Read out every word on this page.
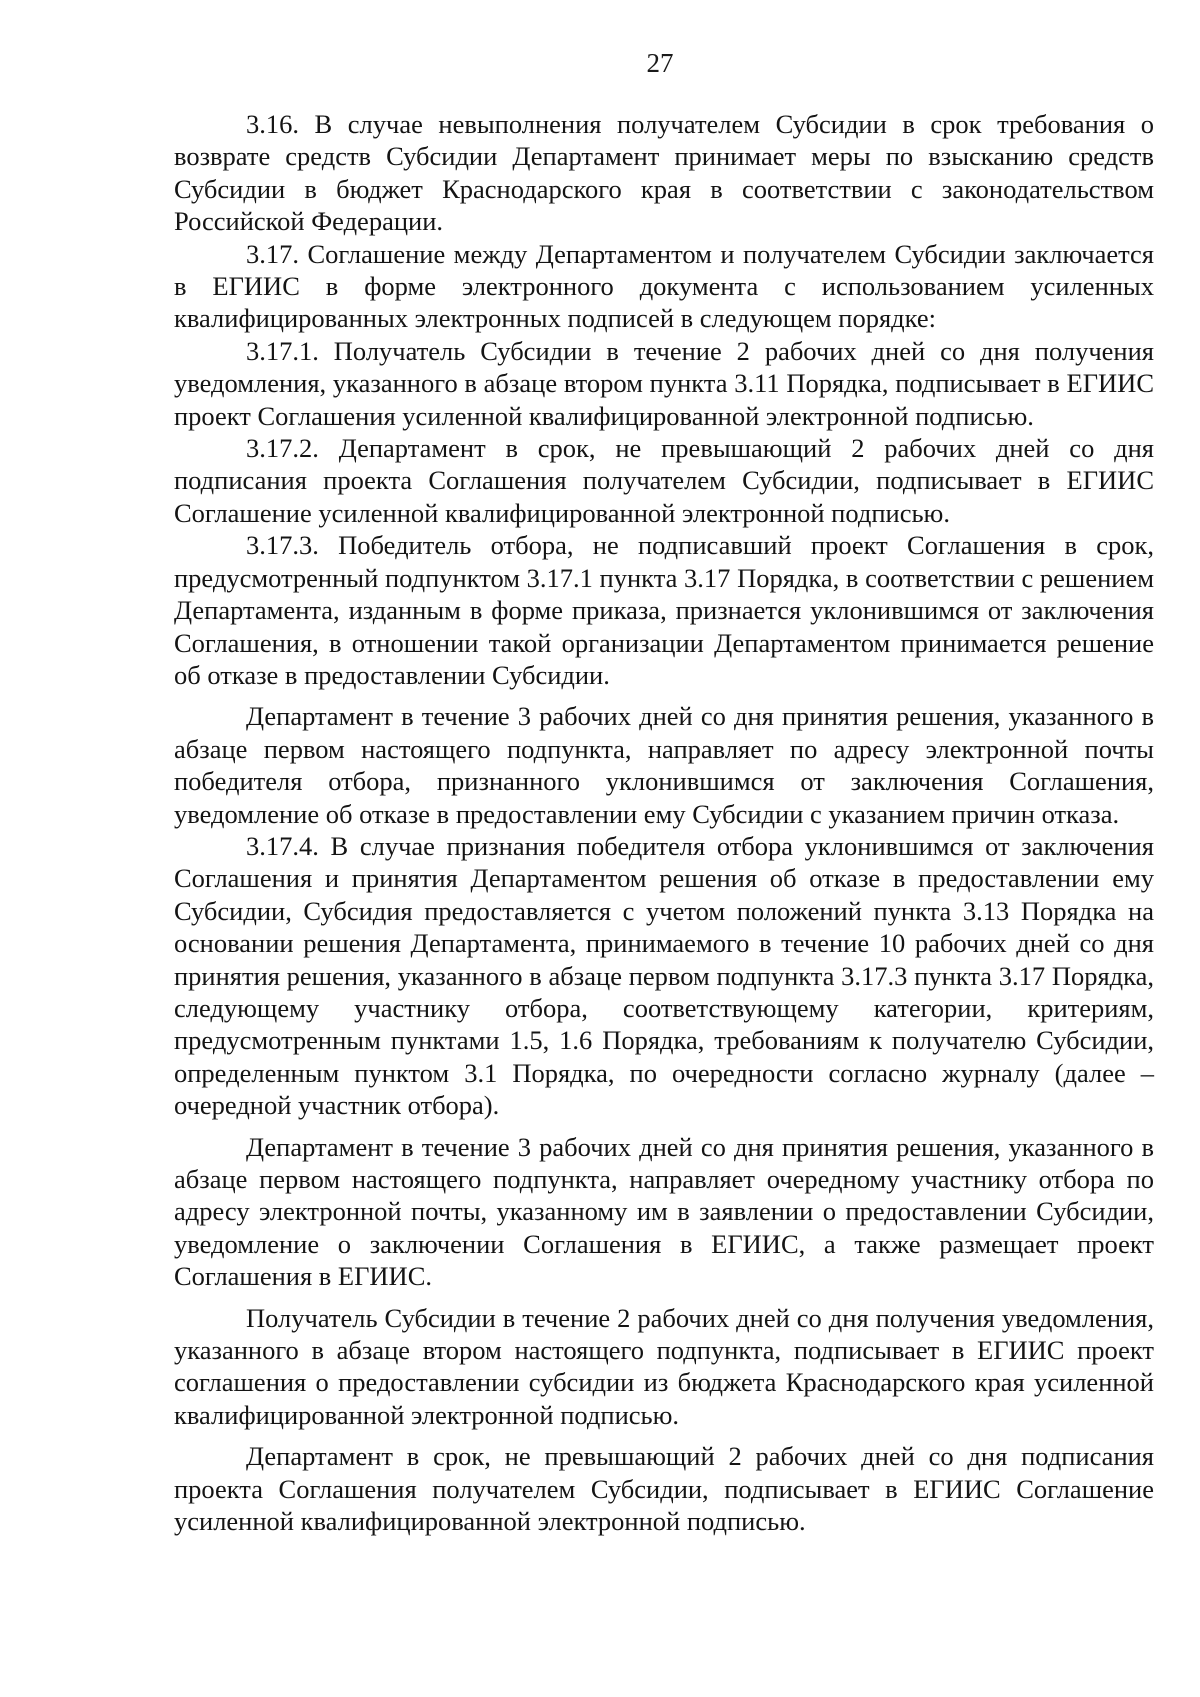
27

3.16. В случае невыполнения получателем Субсидии в срок требования о возврате средств Субсидии Департамент принимает меры по взысканию средств Субсидии в бюджет Краснодарского края в соответствии с законодательством Российской Федерации.

3.17. Соглашение между Департаментом и получателем Субсидии заключается в ЕГИИС в форме электронного документа с использованием усиленных квалифицированных электронных подписей в следующем порядке:

3.17.1. Получатель Субсидии в течение 2 рабочих дней со дня получения уведомления, указанного в абзаце втором пункта 3.11 Порядка, подписывает в ЕГИИС проект Соглашения усиленной квалифицированной электронной подписью.

3.17.2. Департамент в срок, не превышающий 2 рабочих дней со дня подписания проекта Соглашения получателем Субсидии, подписывает в ЕГИИС Соглашение усиленной квалифицированной электронной подписью.

3.17.3. Победитель отбора, не подписавший проект Соглашения в срок, предусмотренный подпунктом 3.17.1 пункта 3.17 Порядка, в соответствии с решением Департамента, изданным в форме приказа, признается уклонившимся от заключения Соглашения, в отношении такой организации Департаментом принимается решение об отказе в предоставлении Субсидии.

Департамент в течение 3 рабочих дней со дня принятия решения, указанного в абзаце первом настоящего подпункта, направляет по адресу электронной почты победителя отбора, признанного уклонившимся от заключения Соглашения, уведомление об отказе в предоставлении ему Субсидии с указанием причин отказа.

3.17.4. В случае признания победителя отбора уклонившимся от заключения Соглашения и принятия Департаментом решения об отказе в предоставлении ему Субсидии, Субсидия предоставляется с учетом положений пункта 3.13 Порядка на основании решения Департамента, принимаемого в течение 10 рабочих дней со дня принятия решения, указанного в абзаце первом подпункта 3.17.3 пункта 3.17 Порядка, следующему участнику отбора, соответствующему категории, критериям, предусмотренным пунктами 1.5, 1.6 Порядка, требованиям к получателю Субсидии, определенным пунктом 3.1 Порядка, по очередности согласно журналу (далее – очередной участник отбора).

Департамент в течение 3 рабочих дней со дня принятия решения, указанного в абзаце первом настоящего подпункта, направляет очередному участнику отбора по адресу электронной почты, указанному им в заявлении о предоставлении Субсидии, уведомление о заключении Соглашения в ЕГИИС, а также размещает проект Соглашения в ЕГИИС.

Получатель Субсидии в течение 2 рабочих дней со дня получения уведомления, указанного в абзаце втором настоящего подпункта, подписывает в ЕГИИС проект соглашения о предоставлении субсидии из бюджета Краснодарского края усиленной квалифицированной электронной подписью.

Департамент в срок, не превышающий 2 рабочих дней со дня подписания проекта Соглашения получателем Субсидии, подписывает в ЕГИИС Соглашение усиленной квалифицированной электронной подписью.
